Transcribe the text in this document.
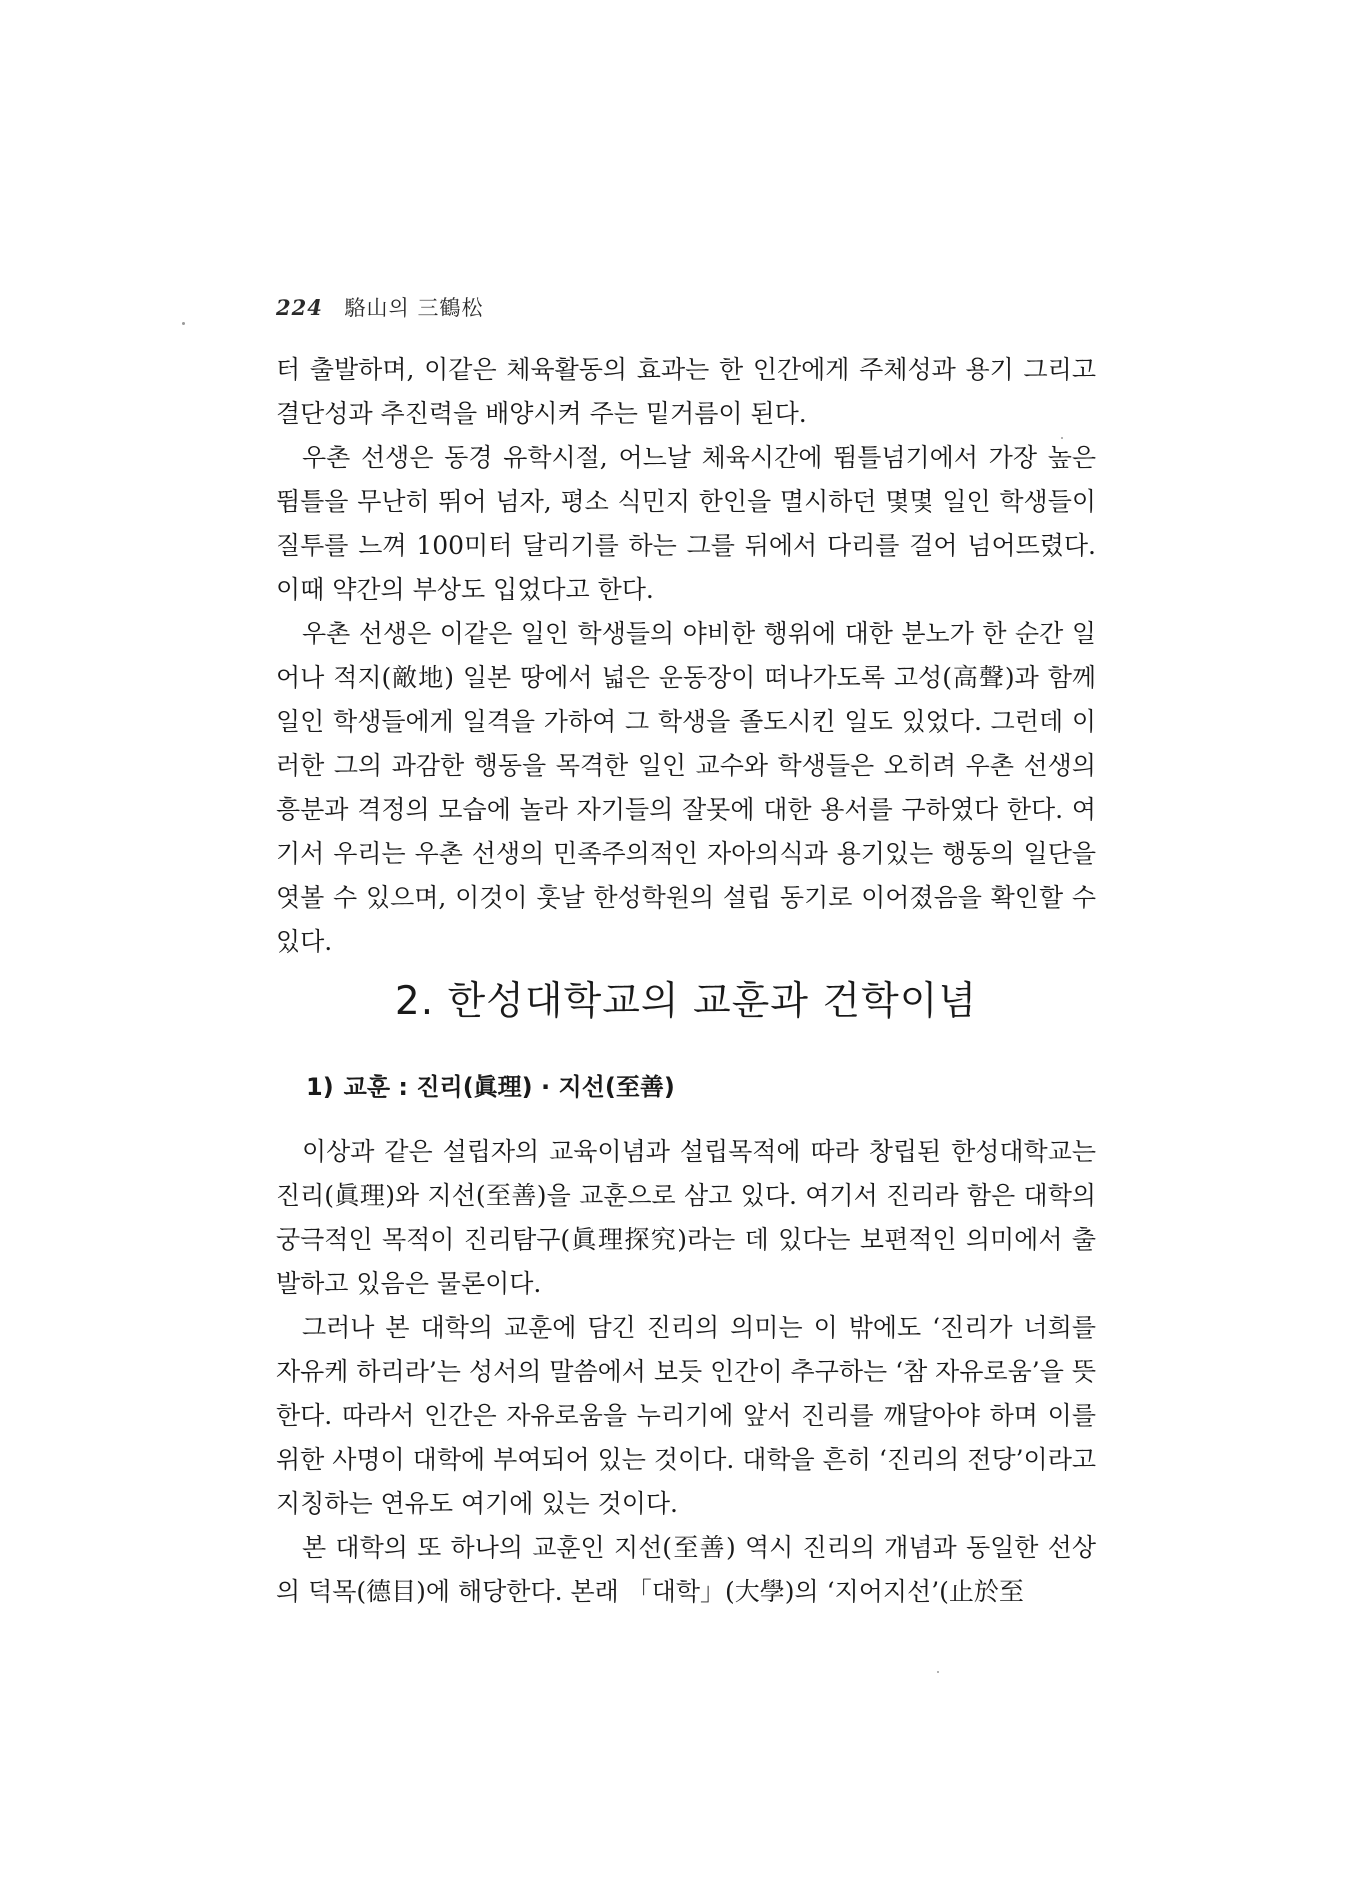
224 駱山의 三鶴松

터 출발하며, 이같은 체육활동의 효과는 한 인간에게 주체성과 용기 그리고 결단성과 추진력을 배양시켜 주는 밑거름이 된다.

우촌 선생은 동경 유학시절, 어느날 체육시간에 뜀틀넘기에서 가장 높은 뜀틀을 무난히 뛰어 넘자, 평소 식민지 한인을 멸시하던 몇몇 일인 학생들이 질투를 느껴 100미터 달리기를 하는 그를 뒤에서 다리를 걸어 넘어뜨렸다. 이때 약간의 부상도 입었다고 한다.

우촌 선생은 이같은 일인 학생들의 야비한 행위에 대한 분노가 한 순간 일어나 적지(敵地) 일본 땅에서 넓은 운동장이 떠나가도록 고성(高聲)과 함께 일인 학생들에게 일격을 가하여 그 학생을 졸도시킨 일도 있었다. 그런데 이러한 그의 과감한 행동을 목격한 일인 교수와 학생들은 오히려 우촌 선생의 흥분과 격정의 모습에 놀라 자기들의 잘못에 대한 용서를 구하였다 한다. 여기서 우리는 우촌 선생의 민족주의적인 자아의식과 용기있는 행동의 일단을 엿볼 수 있으며, 이것이 훗날 한성학원의 설립 동기로 이어졌음을 확인할 수 있다.

2. 한성대학교의 교훈과 건학이념
1) 교훈 : 진리(眞理) · 지선(至善)

이상과 같은 설립자의 교육이념과 설립목적에 따라 창립된 한성대학교는 진리(眞理)와 지선(至善)을 교훈으로 삼고 있다. 여기서 진리라 함은 대학의 궁극적인 목적이 진리탐구(眞理探究)라는 데 있다는 보편적인 의미에서 출발하고 있음은 물론이다.

그러나 본 대학의 교훈에 담긴 진리의 의미는 이 밖에도 ‘진리가 너희를 자유케 하리라’는 성서의 말씀에서 보듯 인간이 추구하는 ‘참 자유로움’을 뜻한다. 따라서 인간은 자유로움을 누리기에 앞서 진리를 깨달아야 하며 이를 위한 사명이 대학에 부여되어 있는 것이다. 대학을 흔히 ‘진리의 전당’이라고 지칭하는 연유도 여기에 있는 것이다.

본 대학의 또 하나의 교훈인 지선(至善) 역시 진리의 개념과 동일한 선상의 덕목(德目)에 해당한다. 본래 「대학」(大學)의 ‘지어지선’(止於至
